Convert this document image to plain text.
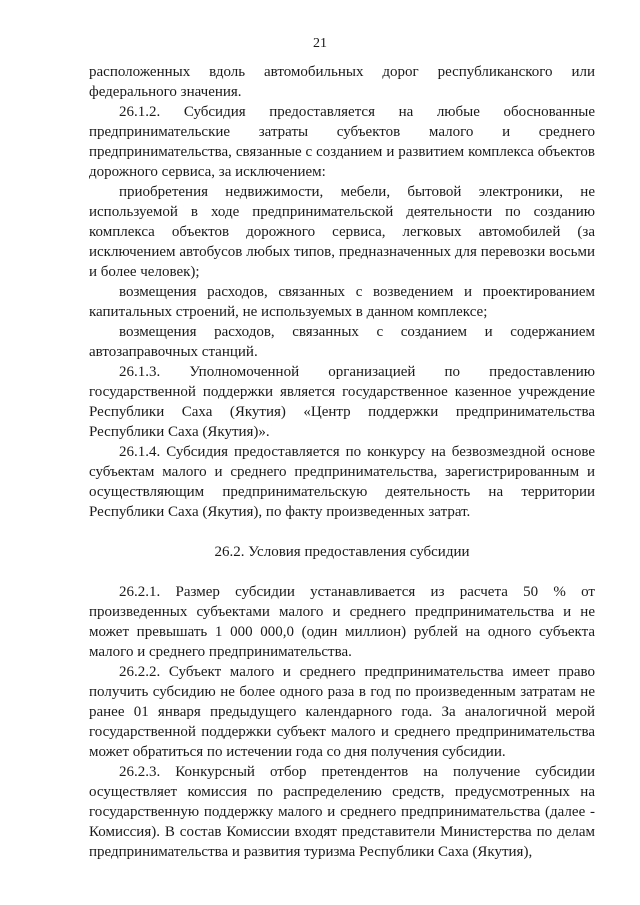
21

расположенных вдоль автомобильных дорог республиканского или федерального значения.

26.1.2. Субсидия предоставляется на любые обоснованные предпринимательские затраты субъектов малого и среднего предпринимательства, связанные с созданием и развитием комплекса объектов дорожного сервиса, за исключением:

приобретения недвижимости, мебели, бытовой электроники, не используемой в ходе предпринимательской деятельности по созданию комплекса объектов дорожного сервиса, легковых автомобилей (за исключением автобусов любых типов, предназначенных для перевозки восьми и более человек);

возмещения расходов, связанных с возведением и проектированием капитальных строений, не используемых в данном комплексе;

возмещения расходов, связанных с созданием и содержанием автозаправочных станций.

26.1.3. Уполномоченной организацией по предоставлению государственной поддержки является государственное казенное учреждение Республики Саха (Якутия) «Центр поддержки предпринимательства Республики Саха (Якутия)».

26.1.4. Субсидия предоставляется по конкурсу на безвозмездной основе субъектам малого и среднего предпринимательства, зарегистрированным и осуществляющим предпринимательскую деятельность на территории Республики Саха (Якутия), по факту произведенных затрат.

26.2. Условия предоставления субсидии

26.2.1. Размер субсидии устанавливается из расчета 50 % от произведенных субъектами малого и среднего предпринимательства и не может превышать 1 000 000,0 (один миллион) рублей на одного субъекта малого и среднего предпринимательства.

26.2.2. Субъект малого и среднего предпринимательства имеет право получить субсидию не более одного раза в год по произведенным затратам не ранее 01 января предыдущего календарного года. За аналогичной мерой государственной поддержки субъект малого и среднего предпринимательства может обратиться по истечении года со дня получения субсидии.

26.2.3. Конкурсный отбор претендентов на получение субсидии осуществляет комиссия по распределению средств, предусмотренных на государственную поддержку малого и среднего предпринимательства (далее - Комиссия). В состав Комиссии входят представители Министерства по делам предпринимательства и развития туризма Республики Саха (Якутия),
